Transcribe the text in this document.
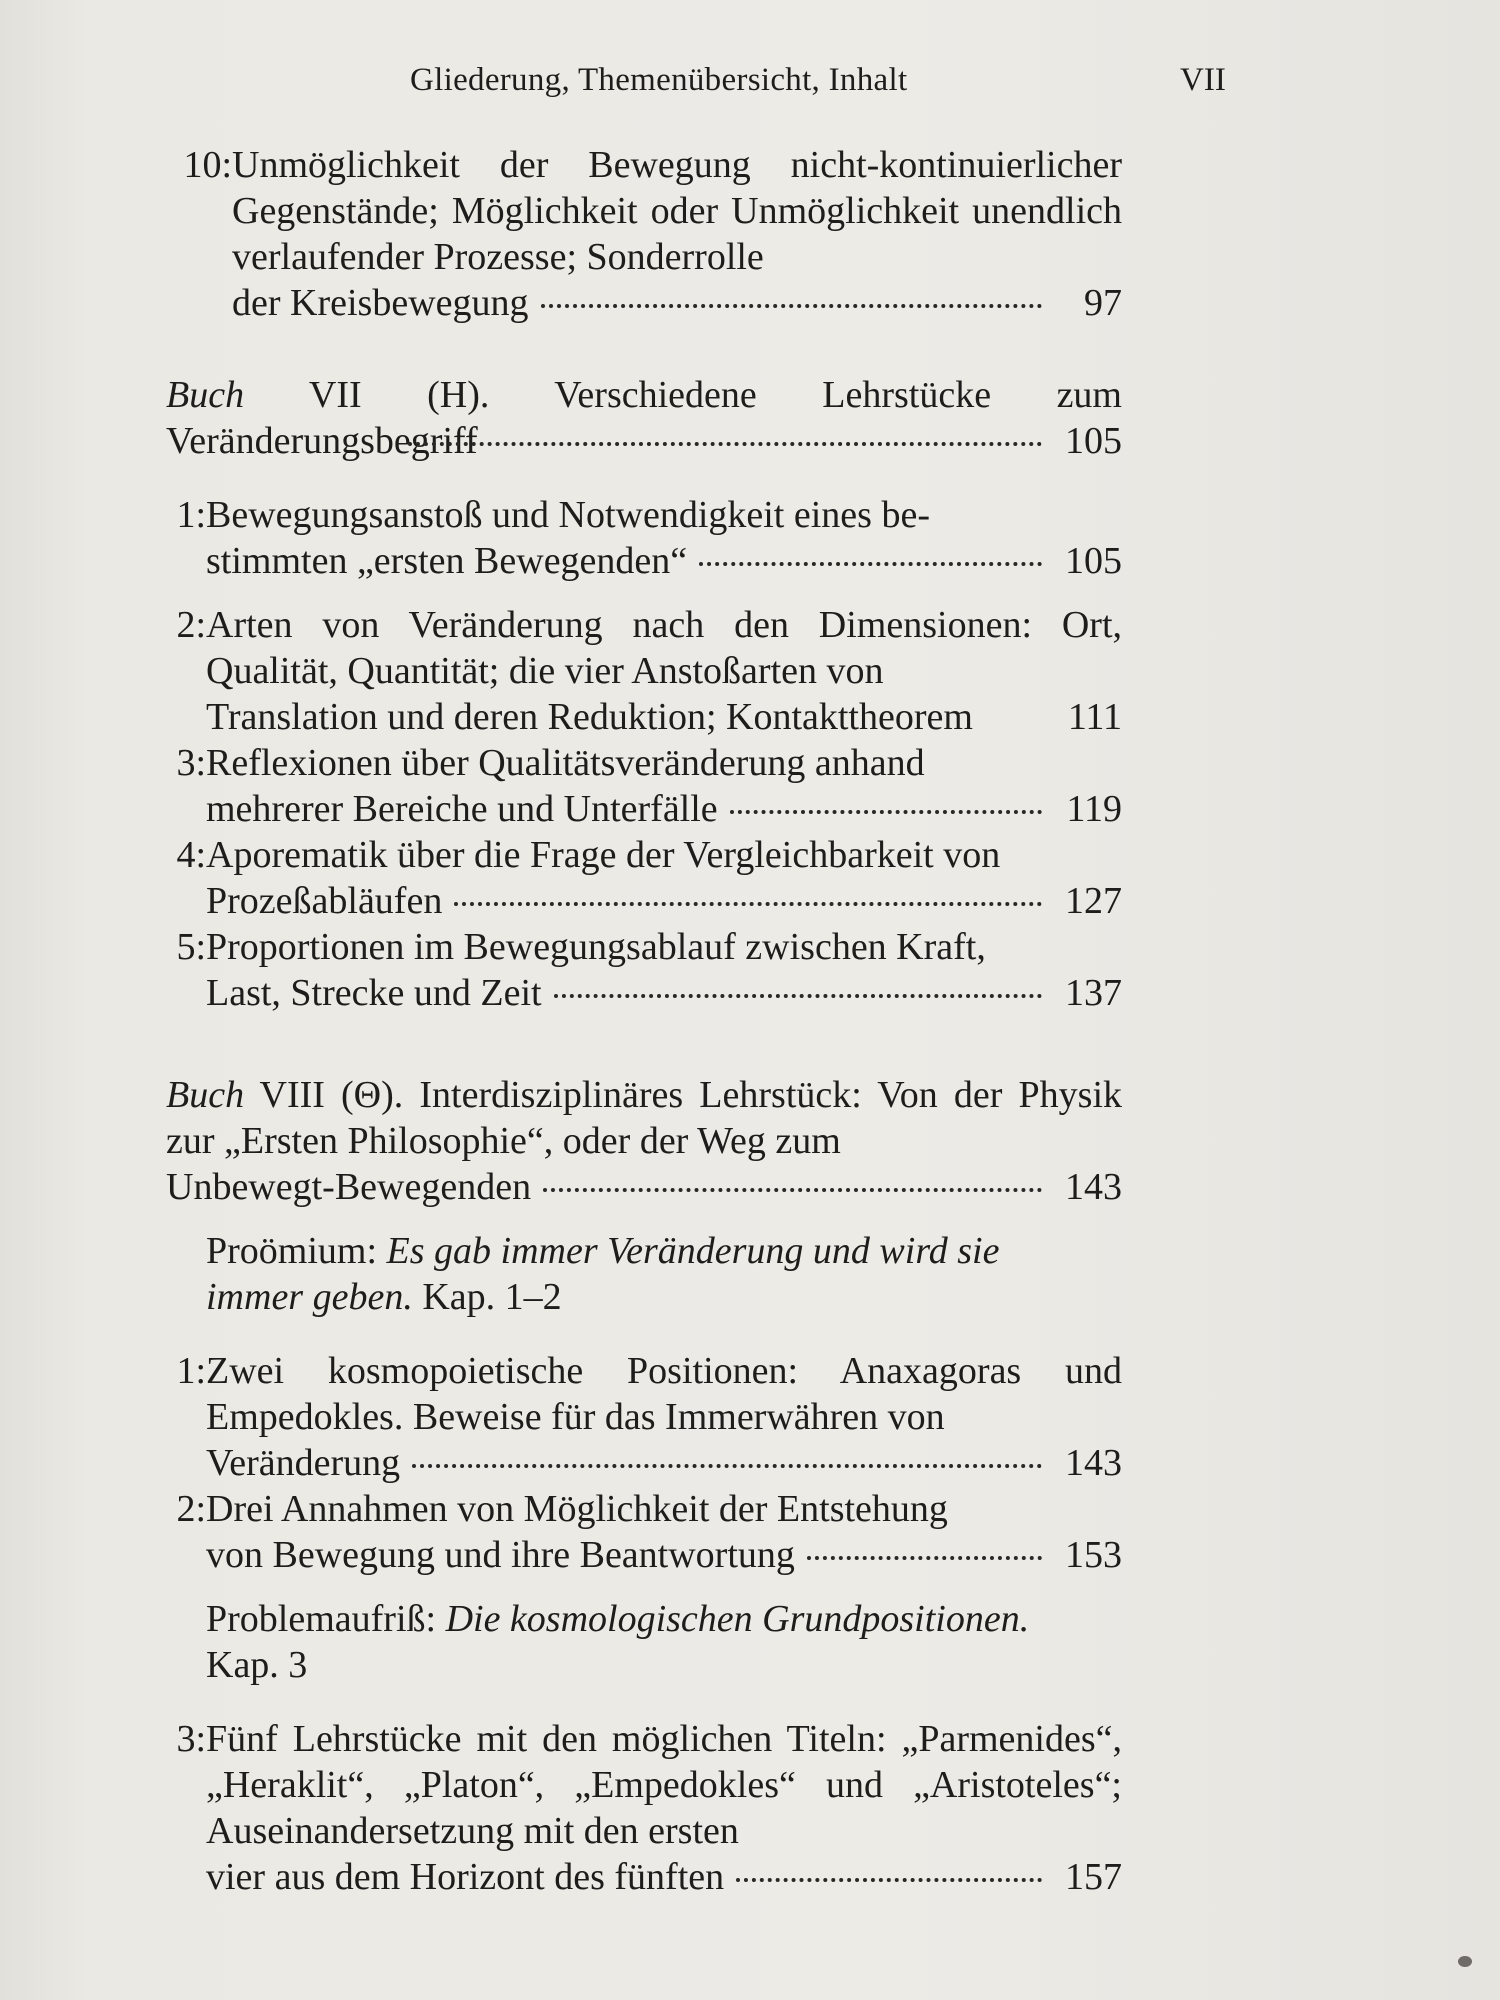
Gliederung, Themenübersicht, Inhalt	VII
10: Unmöglichkeit der Bewegung nicht-kontinuierlicher Gegenstände; Möglichkeit oder Unmöglichkeit unendlich verlaufender Prozesse; Sonderrolle
der Kreisbewegung	97
Buch VII (H). Verschiedene Lehrstücke zum Veränderungsbegriff	105
1: Bewegungsanstoß und Notwendigkeit eines be-
stimmten „ersten Bewegenden“	105
2: Arten von Veränderung nach den Dimensionen: Ort, Qualität, Quantität; die vier Anstoßarten von
Translation und deren Reduktion; Kontakttheorem 111
3: Reflexionen über Qualitätsveränderung anhand
mehrerer Bereiche und Unterfälle	119
4: Aporematik über die Frage der Vergleichbarkeit von
Prozeßabläufen	127
5: Proportionen im Bewegungsablauf zwischen Kraft,
Last, Strecke und Zeit	137
Buch VIII (Θ). Interdisziplinäres Lehrstück: Von der Physik zur „Ersten Philosophie“, oder der Weg zum
Unbewegt-Bewegenden	143
Proömium: Es gab immer Veränderung und wird sie immer geben. Kap. 1–2
1: Zwei kosmopoietische Positionen: Anaxagoras und Empedokles. Beweise für das Immerwähren von
Veränderung	143
2: Drei Annahmen von Möglichkeit der Entstehung
von Bewegung und ihre Beantwortung	153
Problemaufriß: Die kosmologischen Grundpositionen.
Kap. 3
3: Fünf Lehrstücke mit den möglichen Titeln: „Parmenides“, „Heraklit“, „Platon“, „Empedokles“ und „Aristoteles“; Auseinandersetzung mit den ersten
vier aus dem Horizont des fünften	157
